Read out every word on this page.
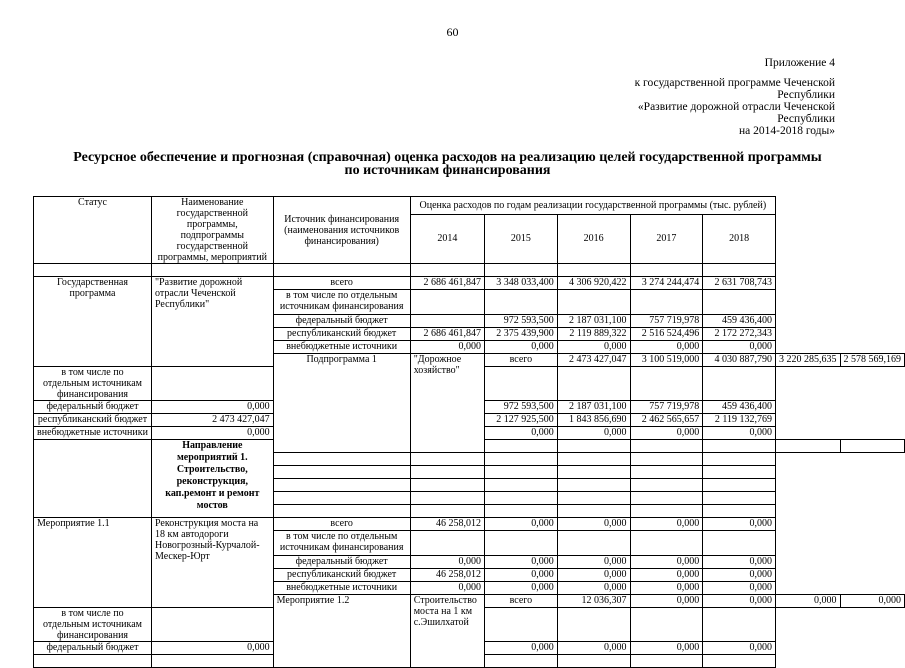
60
Приложение 4
к государственной программе Чеченской
Республики
«Развитие дорожной отрасли Чеченской
Республики
на 2014-2018 годы»
Ресурсное обеспечение и прогнозная (справочная) оценка расходов на реализацию целей государственной программы
по источникам финансирования
Статус	Наименование государственной программы, подпрограммы государственной программы, мероприятий	Источник финансирования (наименования источников финансирования)	Оценка расходов по годам реализации государственной программы (тыс. рублей)						
			2014	2015	2016	2017	2018		

Государственная программа	"Развитие дорожной отрасли Чеченской Республики"	всего	2 686 461,847	3 348 033,400	4 306 920,422	3 274 244,474	2 631 708,743		
		в том числе по отдельным источникам финансирования							
		федеральный бюджет		972 593,500	2 187 031,100	757 719,978	459 436,400		
		республиканский бюджет	2 686 461,847	2 375 439,900	2 119 889,322	2 516 524,496	2 172 272,343		
		внебюджетные источники	0,000	0,000	0,000	0,000	0,000		
		Подпрограмма 1	"Дорожное хозяйство"	всего	2 473 427,047	3 100 519,000	4 030 887,790	3 220 285,635	2 578 569,169
в том числе по отдельным источникам финансирования									
федеральный бюджет	0,000			972 593,500	2 187 031,100	757 719,978	459 436,400		
республиканский бюджет	2 473 427,047			2 127 925,500	1 843 856,690	2 462 565,657	2 119 132,769		
внебюджетные источники	0,000			0,000	0,000	0,000	0,000		
	Направление мероприятий 1. Строительство, реконструкция, кап.ремонт и ремонт мостов								

Мероприятие 1.1	Реконструкция моста на 18 км автодороги Новогрозный-Курчалой-Мескер-Юрт	всего	46 258,012	0,000	0,000	0,000	0,000		
		в том числе по отдельным источникам финансирования							
		федеральный бюджет	0,000	0,000	0,000	0,000	0,000		
		республиканский бюджет	46 258,012	0,000	0,000	0,000	0,000		
		внебюджетные источники	0,000	0,000	0,000	0,000	0,000		
		Мероприятие 1.2	Строительство моста на 1 км с.Эшилхатой	всего	12 036,307	0,000	0,000	0,000	0,000
в том числе по отдельным источникам финансирования									
федеральный бюджет	0,000			0,000	0,000	0,000	0,000		
